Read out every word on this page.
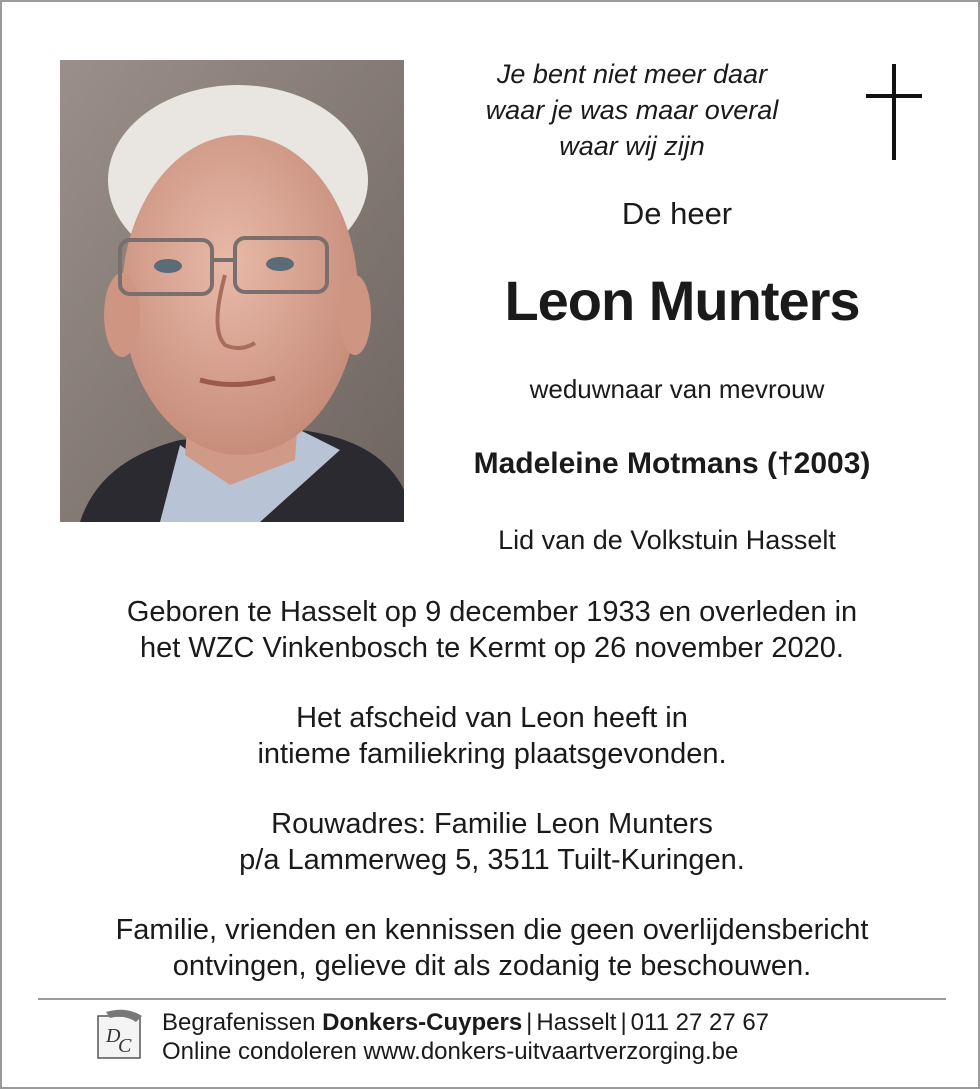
Je bent niet meer daar
waar je was maar overal
waar wij zijn
De heer
Leon Munters
weduwnaar van mevrouw
Madeleine Motmans (†2003)
Lid van de Volkstuin Hasselt
Geboren te Hasselt op 9 december 1933 en overleden in
het WZC Vinkenbosch te Kermt op 26 november 2020.
Het afscheid van Leon heeft in
intieme familiekring plaatsgevonden.
Rouwadres: Familie Leon Munters
p/a Lammerweg 5, 3511 Tuilt-Kuringen.
Familie, vrienden en kennissen die geen overlijdensbericht
ontvingen, gelieve dit als zodanig te beschouwen.
D
C
Begrafenissen Donkers-Cuypers | Hasselt | 011 27 27 67
Online condoleren www.donkers-uitvaartverzorging.be
